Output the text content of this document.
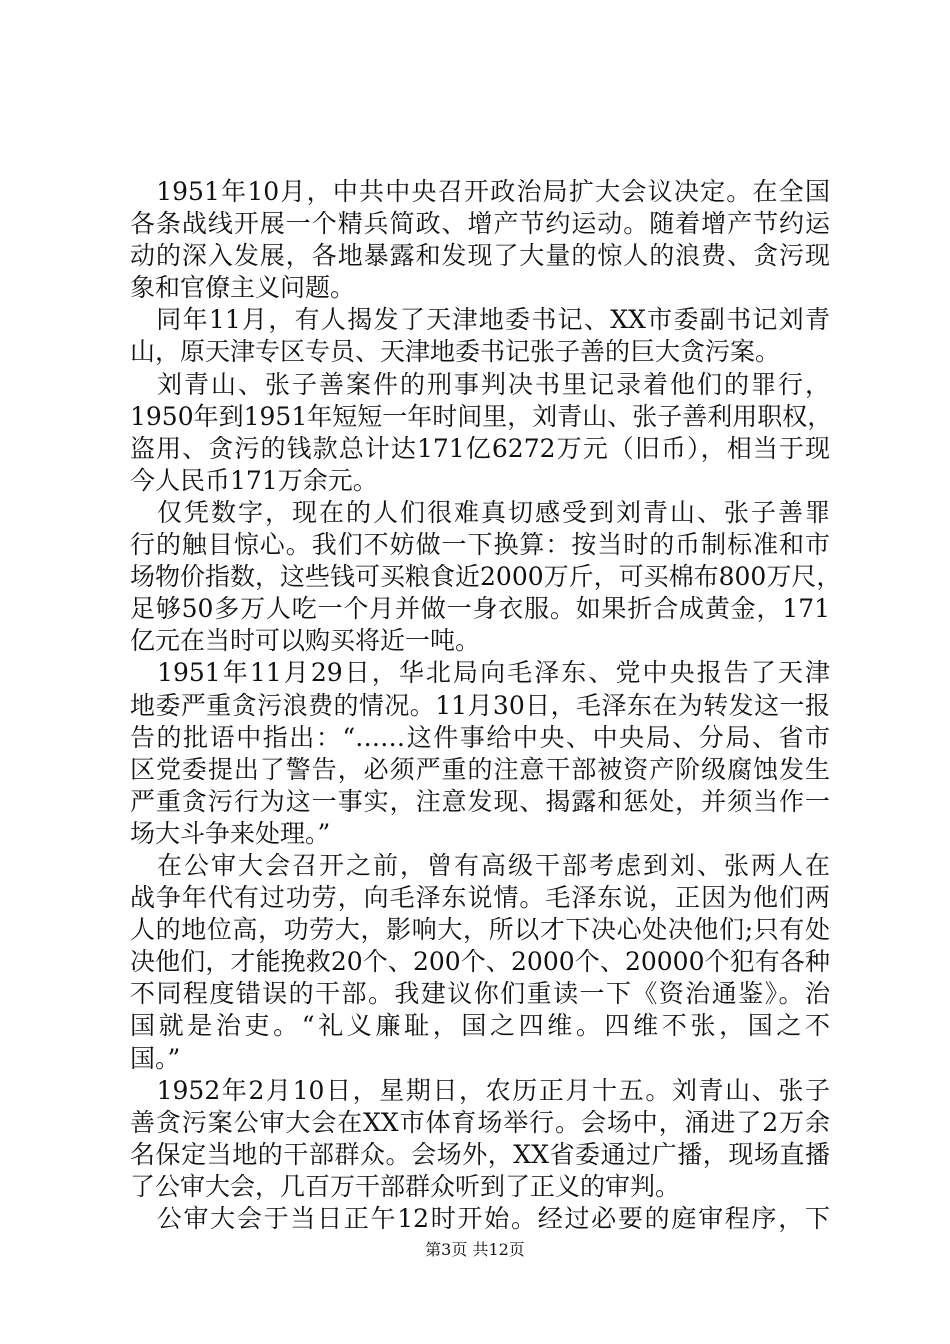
　1951年10月，中共中央召开政治局扩大会议决定。在全国
各条战线开展一个精兵简政、增产节约运动。随着增产节约运
动的深入发展，各地暴露和发现了大量的惊人的浪费、贪污现
象和官僚主义问题。
　同年11月，有人揭发了天津地委书记、XX市委副书记刘青
山，原天津专区专员、天津地委书记张子善的巨大贪污案。
　刘青山、张子善案件的刑事判决书里记录着他们的罪行，
1950年到1951年短短一年时间里，刘青山、张子善利用职权，
盗用、贪污的钱款总计达171亿6272万元（旧币），相当于现
今人民币171万余元。
　仅凭数字，现在的人们很难真切感受到刘青山、张子善罪
行的触目惊心。我们不妨做一下换算：按当时的币制标准和市
场物价指数，这些钱可买粮食近2000万斤，可买棉布800万尺，
足够50多万人吃一个月并做一身衣服。如果折合成黄金，171
亿元在当时可以购买将近一吨。
　1951年11月29日，华北局向毛泽东、党中央报告了天津
地委严重贪污浪费的情况。11月30日，毛泽东在为转发这一报
告的批语中指出：“……这件事给中央、中央局、分局、省市
区党委提出了警告，必须严重的注意干部被资产阶级腐蚀发生
严重贪污行为这一事实，注意发现、揭露和惩处，并须当作一
场大斗争来处理。”
　在公审大会召开之前，曾有高级干部考虑到刘、张两人在
战争年代有过功劳，向毛泽东说情。毛泽东说，正因为他们两
人的地位高，功劳大，影响大，所以才下决心处决他们;只有处
决他们，才能挽救20个、200个、2000个、20000个犯有各种
不同程度错误的干部。我建议你们重读一下《资治通鉴》。治
国就是治吏。“礼义廉耻，国之四维。四维不张，国之不
国。”
　1952年2月10日，星期日，农历正月十五。刘青山、张子
善贪污案公审大会在XX市体育场举行。会场中，涌进了2万余
名保定当地的干部群众。会场外，XX省委通过广播，现场直播
了公审大会，几百万干部群众听到了正义的审判。
　公审大会于当日正午12时开始。经过必要的庭审程序，下
第3页 共12页
